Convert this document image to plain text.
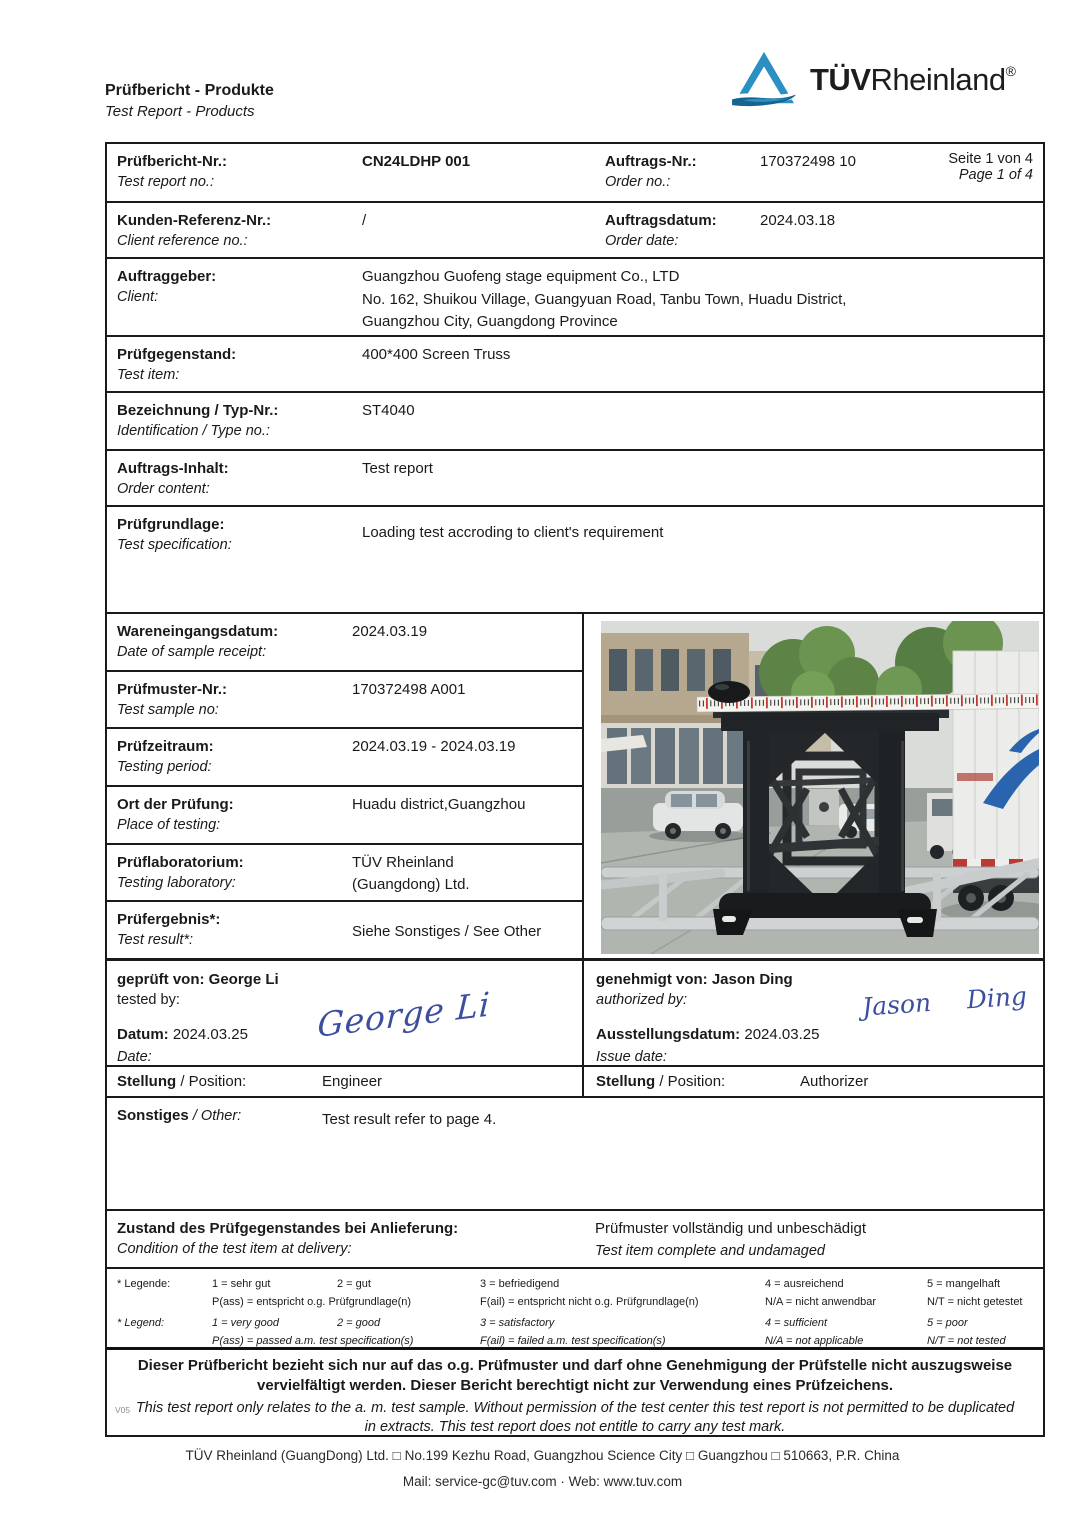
Prüfbericht - Produkte
Test Report - Products
TÜVRheinland®
Prüfbericht-Nr.:
Test report no.:
CN24LDHP 001	Auftrags-Nr.:
Order no.:
170372498 10	Seite 1 von 4
Page 1 of 4
Kunden-Referenz-Nr.:
Client reference no.:
/	Auftragsdatum:
Order date:
2024.03.18
Auftraggeber:
Client:
Guangzhou Guofeng stage equipment Co., LTD
No. 162, Shuikou Village, Guangyuan Road, Tanbu Town, Huadu District,
Guangzhou City, Guangdong Province
Prüfgegenstand:
Test item:
400*400 Screen Truss
Bezeichnung / Typ-Nr.:
Identification / Type no.:
ST4040
Auftrags-Inhalt:
Order content:
Test report
Prüfgrundlage:
Test specification:
Loading test accroding to client's requirement
Wareneingangsdatum:
Date of sample receipt:
2024.03.19
Prüfmuster-Nr.:
Test sample no:
170372498 A001
Prüfzeitraum:
Testing period:
2024.03.19 - 2024.03.19
Ort der Prüfung:
Place of testing:
Huadu district,Guangzhou
Prüflaboratorium:
Testing laboratory:
TÜV Rheinland
(Guangdong) Ltd.
Prüfergebnis*:
Test result*:	Siehe Sonstiges / See Other
geprüft von: George Li
tested by:
Datum: 2024.03.25
Date:
George Li
genehmigt von: Jason Ding
authorized by:
Ausstellungsdatum: 2024.03.25
Issue date:
Jason Ding
Stellung / Position:	Engineer	Stellung / Position:	Authorizer
Sonstiges / Other:	Test result refer to page 4.
Zustand des Prüfgegenstandes bei Anlieferung:
Condition of the test item at delivery:
Prüfmuster vollständig und unbeschädigt
Test item complete and undamaged
* Legende:	1 = sehr gut	2 = gut	3 = befriedigend	4 = ausreichend	5 = mangelhaft
P(ass) = entspricht o.g. Prüfgrundlage(n)	F(ail) = entspricht nicht o.g. Prüfgrundlage(n)	N/A = nicht anwendbar	N/T = nicht getestet
* Legend:	1 = very good	2 = good	3 = satisfactory	4 = sufficient	5 = poor
P(ass) = passed a.m. test specification(s)	F(ail) = failed a.m. test specification(s)	N/A = not applicable	N/T = not tested
Dieser Prüfbericht bezieht sich nur auf das o.g. Prüfmuster und darf ohne Genehmigung der Prüfstelle nicht auszugsweise vervielfältigt werden. Dieser Bericht berechtigt nicht zur Verwendung eines Prüfzeichens.
This test report only relates to the a. m. test sample. Without permission of the test center this test report is not permitted to be duplicated in extracts. This test report does not entitle to carry any test mark.
V05
TÜV Rheinland (GuangDong) Ltd. □ No.199 Kezhu Road, Guangzhou Science City □ Guangzhou □ 510663, P.R. China
Mail: service-gc@tuv.com · Web: www.tuv.com
